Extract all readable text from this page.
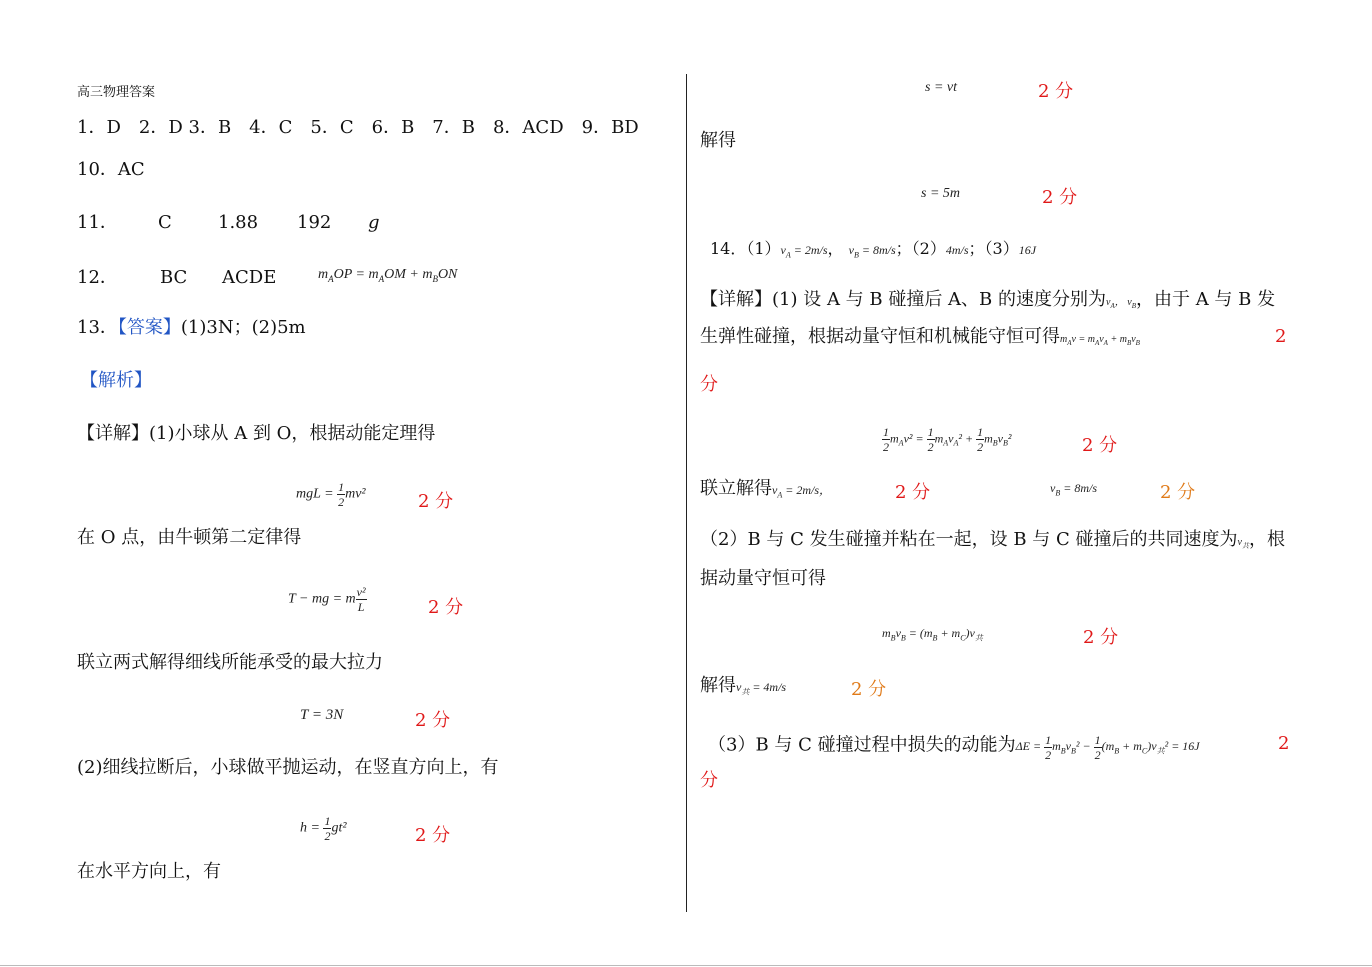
高三物理答案
1．D　2．D 3．B　4．C　5．C　6．B　7．B　8．ACD　9．BD
10．AC
11． C	1.88 192 g
12． BC ACDE	$m_AOP = m_AOM + m_BON$
13．【答案】(1)3N；(2)5m
【解析】
【详解】(1)小球从 A 到 O，根据动能定理得
mgL = $\frac{1}{2} mv^2$	2 分
在 O 点，由牛顿第二定律得
T − mg = m $\frac{\text{v²}}{L}$	2 分
联立两式解得细线所能承受的最大拉力
T = 3N	2 分
(2)细线拉断后，小球做平抛运动，在竖直方向上，有
$h = \frac{1}{2} gt^2$	2 分
在水平方向上，有
s = vt	2 分
解得
s = 5m	2 分
14．$(1)v_A = 2m/s$， $v_B = 8m/s$；（2）4m/s；（3）16J
【详解】(1) 设 A 与 B 碰撞后 A、B 的速度分别为$v_A$， $v_B$，由于 A 与 B 发
生弹性碰撞，根据动量守恒和机械能守恒可得$m_Av = m_Av_A + m_Bv_B$	2
分
$\frac{1}{2} m_Av^2 = \frac{1}{2} m_Av_A^2 + \frac{1}{2} m_Bv_B^2$	2 分
联立解得$v_A = 2m/s$，	2 分	$v_B = 8m/s$	2 分
（2）B 与 C 发生碰撞并粘在一起，设 B 与 C 碰撞后的共同速度为$v_共$，根
据动量守恒可得
$m_Bv_B = (m_B + m_C)v_共$	2 分
解得$v_共 = 4m/s$	2 分
（3）B 与 C 碰撞过程中损失的动能为$\Delta E = \frac{1}{2} m_Bv_B^2 - \frac{1}{2} (m_B + m_C)v_共^2 = 16J$	2
分
